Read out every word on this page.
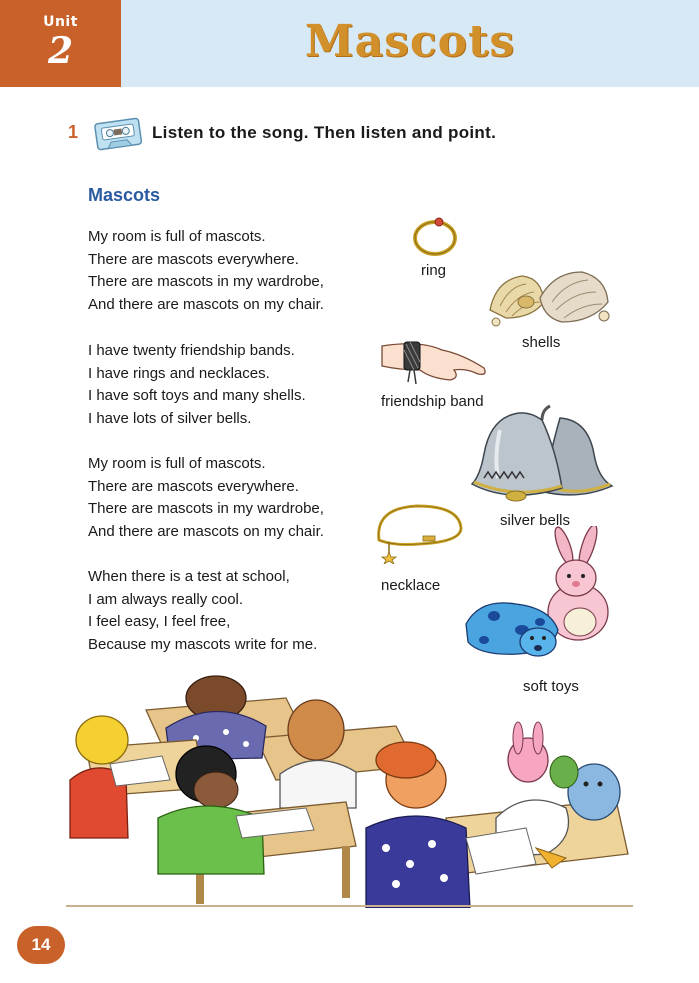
Unit
2	Mascots
1	Listen to the song. Then listen and point.
Mascots
My room is full of mascots.
There are mascots everywhere.
There are mascots in my wardrobe,
And there are mascots on my chair.
I have twenty friendship bands.
I have rings and necklaces.
I have soft toys and many shells.
I have lots of silver bells.
My room is full of mascots.
There are mascots everywhere.
There are mascots in my wardrobe,
And there are mascots on my chair.
When there is a test at school,
I am always really cool.
I feel easy, I feel free,
Because my mascots write for me.
ring
shells
friendship band
silver bells
necklace
soft toys
14
